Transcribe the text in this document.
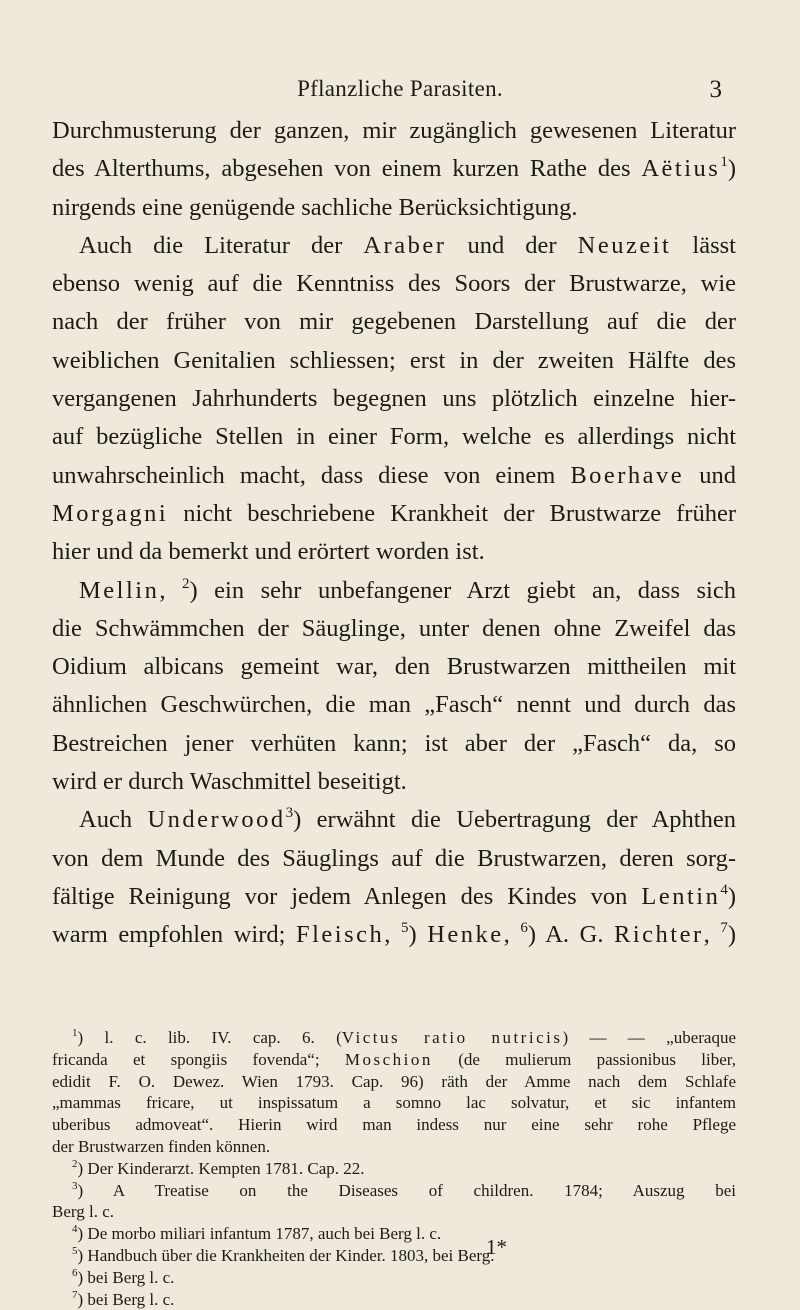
Pflanzliche Parasiten.	3
Durchmusterung der ganzen, mir zugänglich gewesenen Literatur
des Alterthums, abgesehen von einem kurzen Rathe des Aëtius$^1$)
nirgends eine genügende sachliche Berücksichtigung.
Auch die Literatur der Araber und der Neuzeit lässt
ebenso wenig auf die Kenntniss des Soors der Brustwarze, wie
nach der früher von mir gegebenen Darstellung auf die der
weiblichen Genitalien schliessen; erst in der zweiten Hälfte des
vergangenen Jahrhunderts begegnen uns plötzlich einzelne hier-
auf bezügliche Stellen in einer Form, welche es allerdings nicht
unwahrscheinlich macht, dass diese von einem Boerhave und
Morgagni nicht beschriebene Krankheit der Brustwarze früher
hier und da bemerkt und erörtert worden ist.
Mellin, $^2$) ein sehr unbefangener Arzt giebt an, dass sich
die Schwämmchen der Säuglinge, unter denen ohne Zweifel das
Oidium albicans gemeint war, den Brustwarzen mittheilen mit
ähnlichen Geschwürchen, die man „Fasch“ nennt und durch das
Bestreichen jener verhüten kann; ist aber der „Fasch“ da, so
wird er durch Waschmittel beseitigt.
Auch Underwood$^3$) erwähnt die Uebertragung der Aphthen
von dem Munde des Säuglings auf die Brustwarzen, deren sorg-
fältige Reinigung vor jedem Anlegen des Kindes von Lentin$^4$)
warm empfohlen wird; Fleisch, $^5$) Henke, $^6$) A. G. Richter, $^7$)
$^1$) l. c. lib. IV. cap. 6. (Victus ratio nutricis) — — „uberaque
fricanda et spongiis fovenda“; Moschion (de mulierum passionibus liber,
edidit F. O. Dewez. Wien 1793. Cap. 96) räth der Amme nach dem Schlafe
„mammas fricare, ut inspissatum a somno lac solvatur, et sic infantem
uberibus admoveat“. Hierin wird man indess nur eine sehr rohe Pflege
der Brustwarzen finden können.
$^2$) Der Kinderarzt. Kempten 1781. Cap. 22.
$^3$) A Treatise on the Diseases of children. 1784; Auszug bei
Berg l. c.
$^4$) De morbo miliari infantum 1787, auch bei Berg l. c.
$^5$) Handbuch über die Krankheiten der Kinder. 1803, bei Berg.
$^6$) bei Berg l. c.
$^7$) bei Berg l. c.
1*
